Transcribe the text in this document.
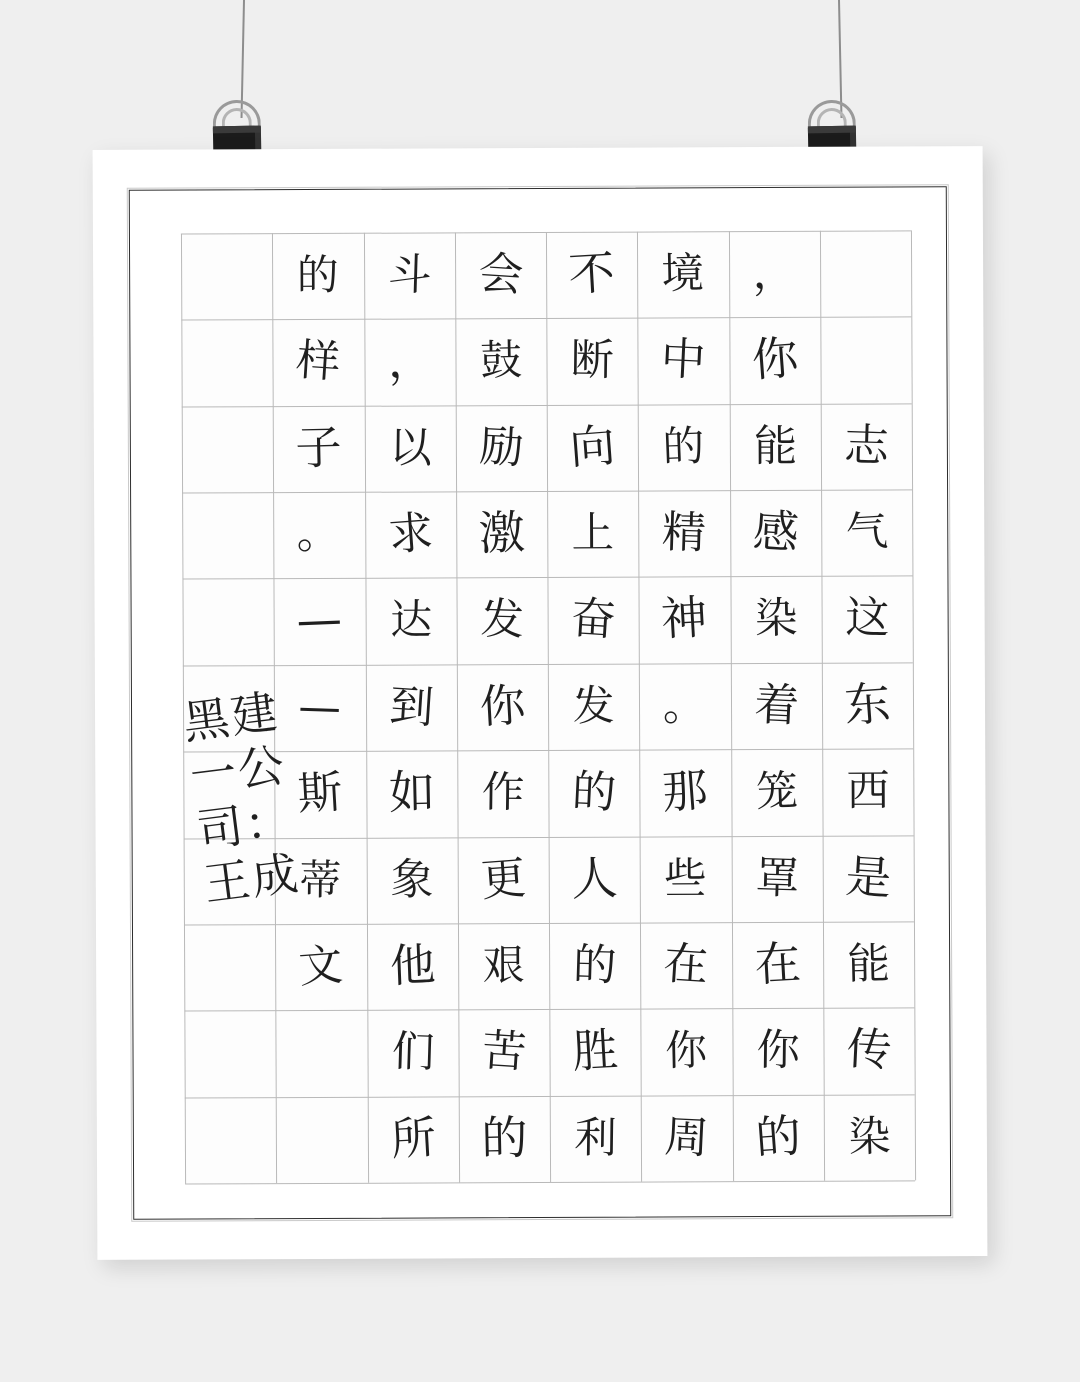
志
气
这
东
西
是
能
传
染
，
你
能
感
染
着
笼
罩
在
你
的
境
中
的
精
神
。
那
些
在
你
周
不
断
向
上
奋
发
的
人
的
胜
利
会
鼓
励
激
发
你
作
更
艰
苦
的
斗
，
以
求
达
到
如
象
他
们
所
的
样
子
。
—
—
斯
蒂
文
黑建一公司：王成
